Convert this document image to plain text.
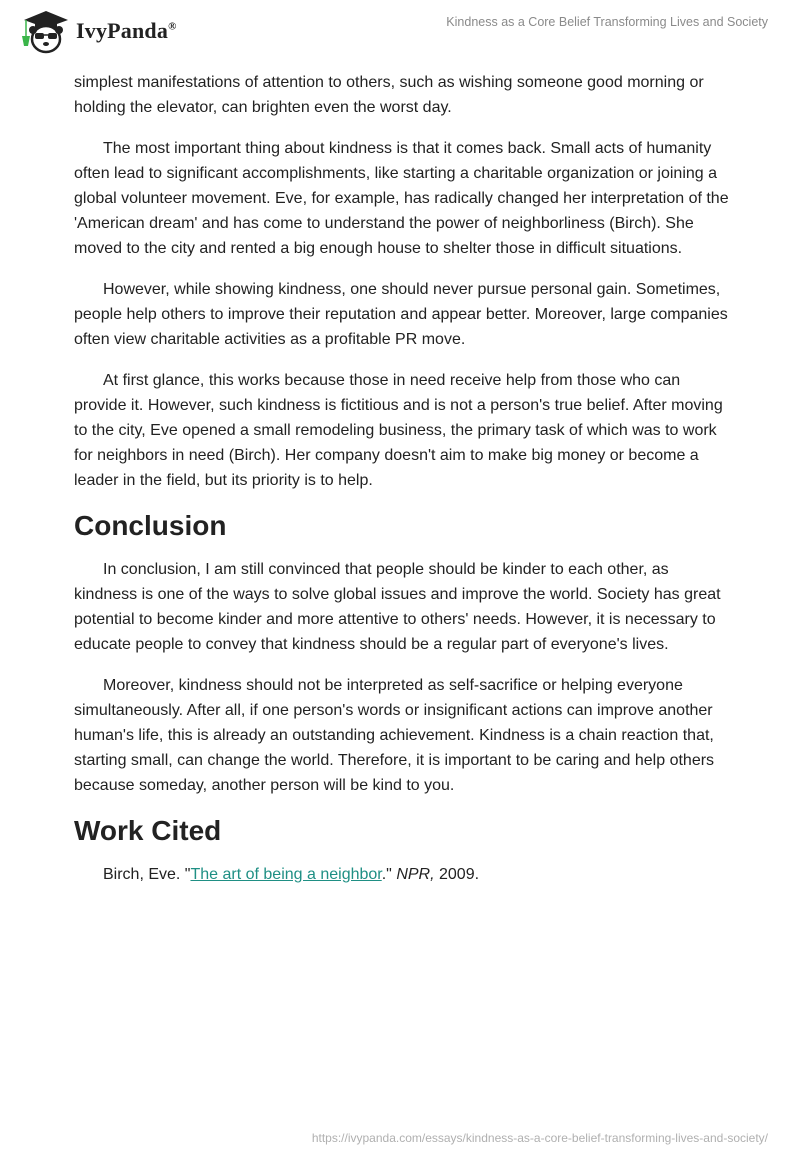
IvyPanda®	Kindness as a Core Belief Transforming Lives and Society

simplest manifestations of attention to others, such as wishing someone good morning or holding the elevator, can brighten even the worst day.

The most important thing about kindness is that it comes back. Small acts of humanity often lead to significant accomplishments, like starting a charitable organization or joining a global volunteer movement. Eve, for example, has radically changed her interpretation of the 'American dream' and has come to understand the power of neighborliness (Birch). She moved to the city and rented a big enough house to shelter those in difficult situations.

However, while showing kindness, one should never pursue personal gain. Sometimes, people help others to improve their reputation and appear better. Moreover, large companies often view charitable activities as a profitable PR move.

At first glance, this works because those in need receive help from those who can provide it. However, such kindness is fictitious and is not a person's true belief. After moving to the city, Eve opened a small remodeling business, the primary task of which was to work for neighbors in need (Birch). Her company doesn't aim to make big money or become a leader in the field, but its priority is to help.

Conclusion

In conclusion, I am still convinced that people should be kinder to each other, as kindness is one of the ways to solve global issues and improve the world. Society has great potential to become kinder and more attentive to others' needs. However, it is necessary to educate people to convey that kindness should be a regular part of everyone's lives.

Moreover, kindness should not be interpreted as self-sacrifice or helping everyone simultaneously. After all, if one person's words or insignificant actions can improve another human's life, this is already an outstanding achievement. Kindness is a chain reaction that, starting small, can change the world. Therefore, it is important to be caring and help others because someday, another person will be kind to you.

Work Cited

Birch, Eve. "The art of being a neighbor." NPR, 2009.

https://ivypanda.com/essays/kindness-as-a-core-belief-transforming-lives-and-society/
